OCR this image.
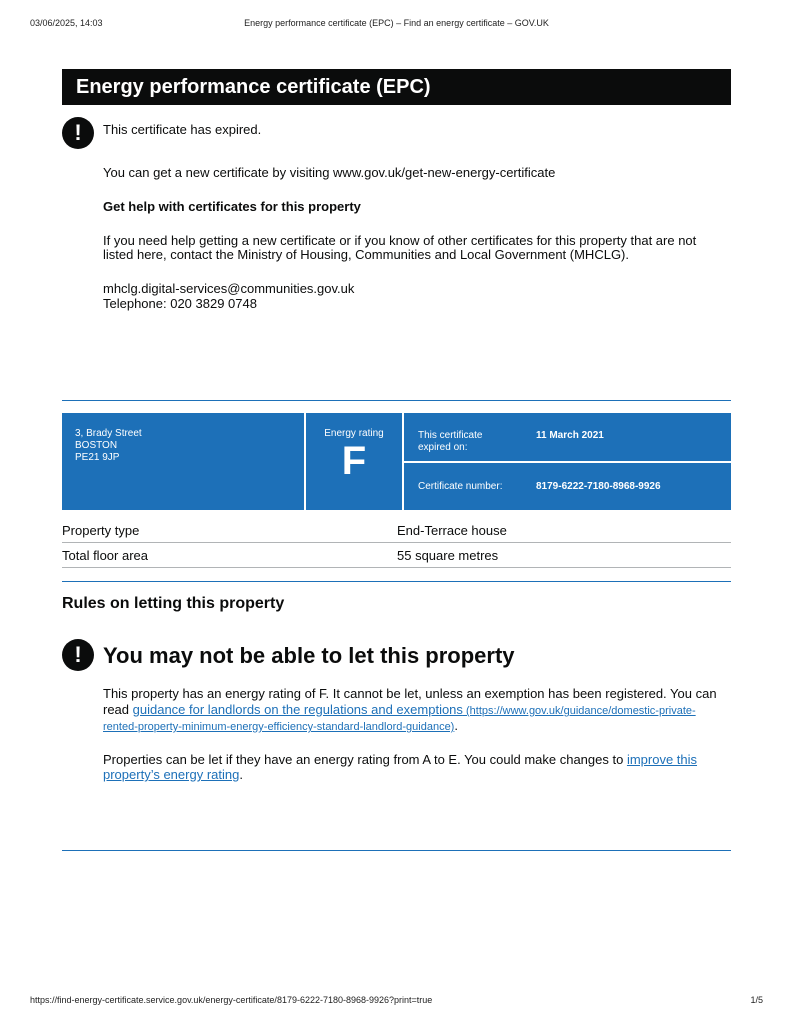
03/06/2025, 14:03	Energy performance certificate (EPC) – Find an energy certificate – GOV.UK
Energy performance certificate (EPC)
!	This certificate has expired.
You can get a new certificate by visiting www.gov.uk/get-new-energy-certificate
Get help with certificates for this property
If you need help getting a new certificate or if you know of other certificates for this property that are not
listed here, contact the Ministry of Housing, Communities and Local Government (MHCLG).
mhclg.digital-services@communities.gov.uk
Telephone: 020 3829 0748
3, Brady Street
BOSTON
PE21 9JP
Energy rating
F
This certificate
expired on:
11 March 2021
Certificate number:	8179-6222-7180-8968-9926
Property type	End-Terrace house
Total floor area	55 square metres
Rules on letting this property
! You may not be able to let this property
This property has an energy rating of F. It cannot be let, unless an exemption has been registered. You can
read guidance for landlords on the regulations and exemptions (https://www.gov.uk/guidance/domestic-private-
rented-property-minimum-energy-efficiency-standard-landlord-guidance).
Properties can be let if they have an energy rating from A to E. You could make changes to improve this
property’s energy rating.
https://find-energy-certificate.service.gov.uk/energy-certificate/8179-6222-7180-8968-9926?print=true	1/5
